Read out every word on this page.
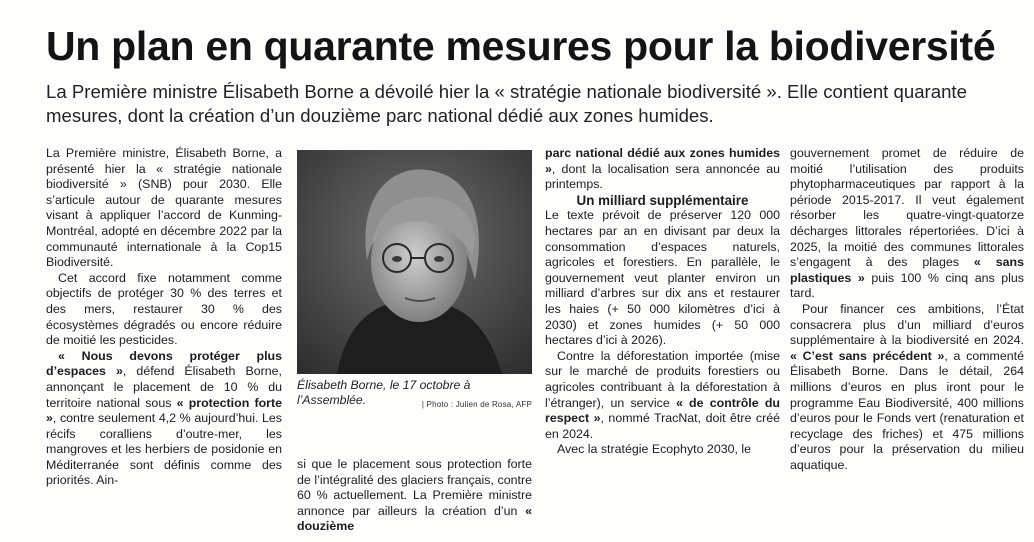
Un plan en quarante mesures pour la biodiversité
La Première ministre Élisabeth Borne a dévoilé hier la « stratégie nationale biodiversité ». Elle contient quarante mesures, dont la création d’un douzième parc national dédié aux zones humides.

La Première ministre, Élisabeth Borne, a présenté hier la « stratégie nationale biodiversité » (SNB) pour 2030. Elle s’articule autour de quarante mesures visant à appliquer l’accord de Kunming-Montréal, adopté en décembre 2022 par la communauté internationale à la Cop15 Biodiversité.

Cet accord fixe notamment comme objectifs de protéger 30 % des terres et des mers, restaurer 30 % des écosystèmes dégradés ou encore réduire de moitié les pesticides.

« Nous devons protéger plus d’espaces », défend Élisabeth Borne, annonçant le placement de 10 % du territoire national sous « protection forte », contre seulement 4,2 % aujourd’hui. Les récifs coralliens d’outre-mer, les mangroves et les herbiers de posidonie en Méditerranée sont définis comme des priorités. Ain-

Élisabeth Borne, le 17 octobre à l’Assemblée.	| Photo : Julien de Rosa, AFP

si que le placement sous protection forte de l’intégralité des glaciers français, contre 60 % actuellement. La Première ministre annonce par ailleurs la création d’un « douzième

parc national dédié aux zones humides », dont la localisation sera annoncée au printemps.

Un milliard supplémentaire

Le texte prévoit de préserver 120 000 hectares par an en divisant par deux la consommation d’espaces naturels, agricoles et forestiers. En parallèle, le gouvernement veut planter environ un milliard d’arbres sur dix ans et restaurer les haies (+ 50 000 kilomètres d’ici à 2030) et zones humides (+ 50 000 hectares d’ici à 2026).

Contre la déforestation importée (mise sur le marché de produits forestiers ou agricoles contribuant à la déforestation à l’étranger), un service « de contrôle du respect », nommé TracNat, doit être créé en 2024.

Avec la stratégie Ecophyto 2030, le

gouvernement promet de réduire de moitié l’utilisation des produits phytopharmaceutiques par rapport à la période 2015-2017. Il veut également résorber les quatre-vingt-quatorze décharges littorales répertoriées. D’ici à 2025, la moitié des communes littorales s’engagent à des plages « sans plastiques » puis 100 % cinq ans plus tard.

Pour financer ces ambitions, l’État consacrera plus d’un milliard d’euros supplémentaire à la biodiversité en 2024. « C’est sans précédent », a commenté Élisabeth Borne. Dans le détail, 264 millions d’euros en plus iront pour le programme Eau Biodiversité, 400 millions d’euros pour le Fonds vert (renaturation et recyclage des friches) et 475 millions d’euros pour la préservation du milieu aquatique.
